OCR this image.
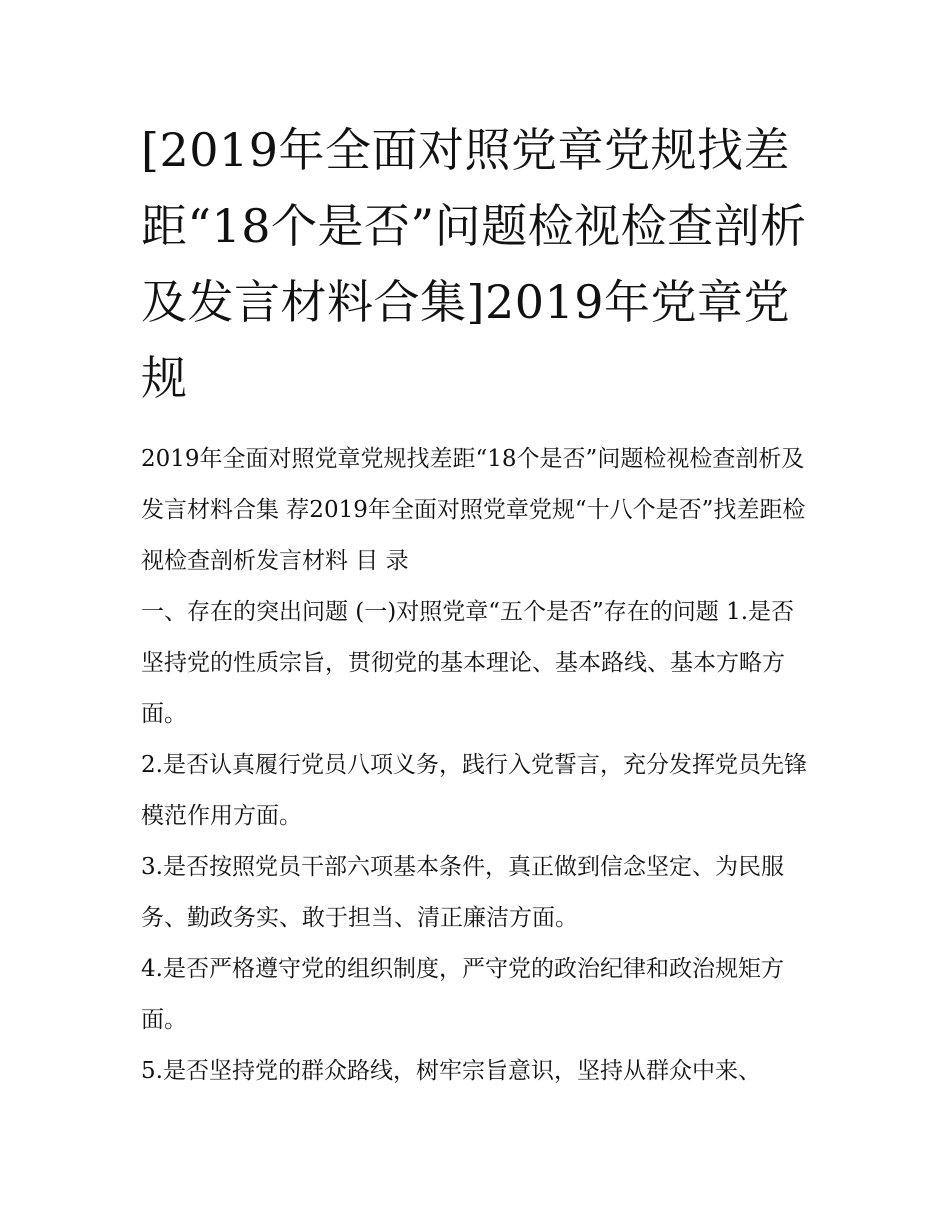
[2019年全面对照党章党规找差距“18个是否”问题检视检查剖析及发言材料合集]2019年党章党规

2019年全面对照党章党规找差距“18个是否”问题检视检查剖析及发言材料合集 荐2019年全面对照党章党规“十八个是否”找差距检视检查剖析发言材料 目 录

一、存在的突出问题 (一)对照党章“五个是否”存在的问题 1.是否坚持党的性质宗旨，贯彻党的基本理论、基本路线、基本方略方面。

2.是否认真履行党员八项义务，践行入党誓言，充分发挥党员先锋模范作用方面。

3.是否按照党员干部六项基本条件，真正做到信念坚定、为民服务、勤政务实、敢于担当、清正廉洁方面。

4.是否严格遵守党的组织制度，严守党的政治纪律和政治规矩方面。

5.是否坚持党的群众路线，树牢宗旨意识，坚持从群众中来、
